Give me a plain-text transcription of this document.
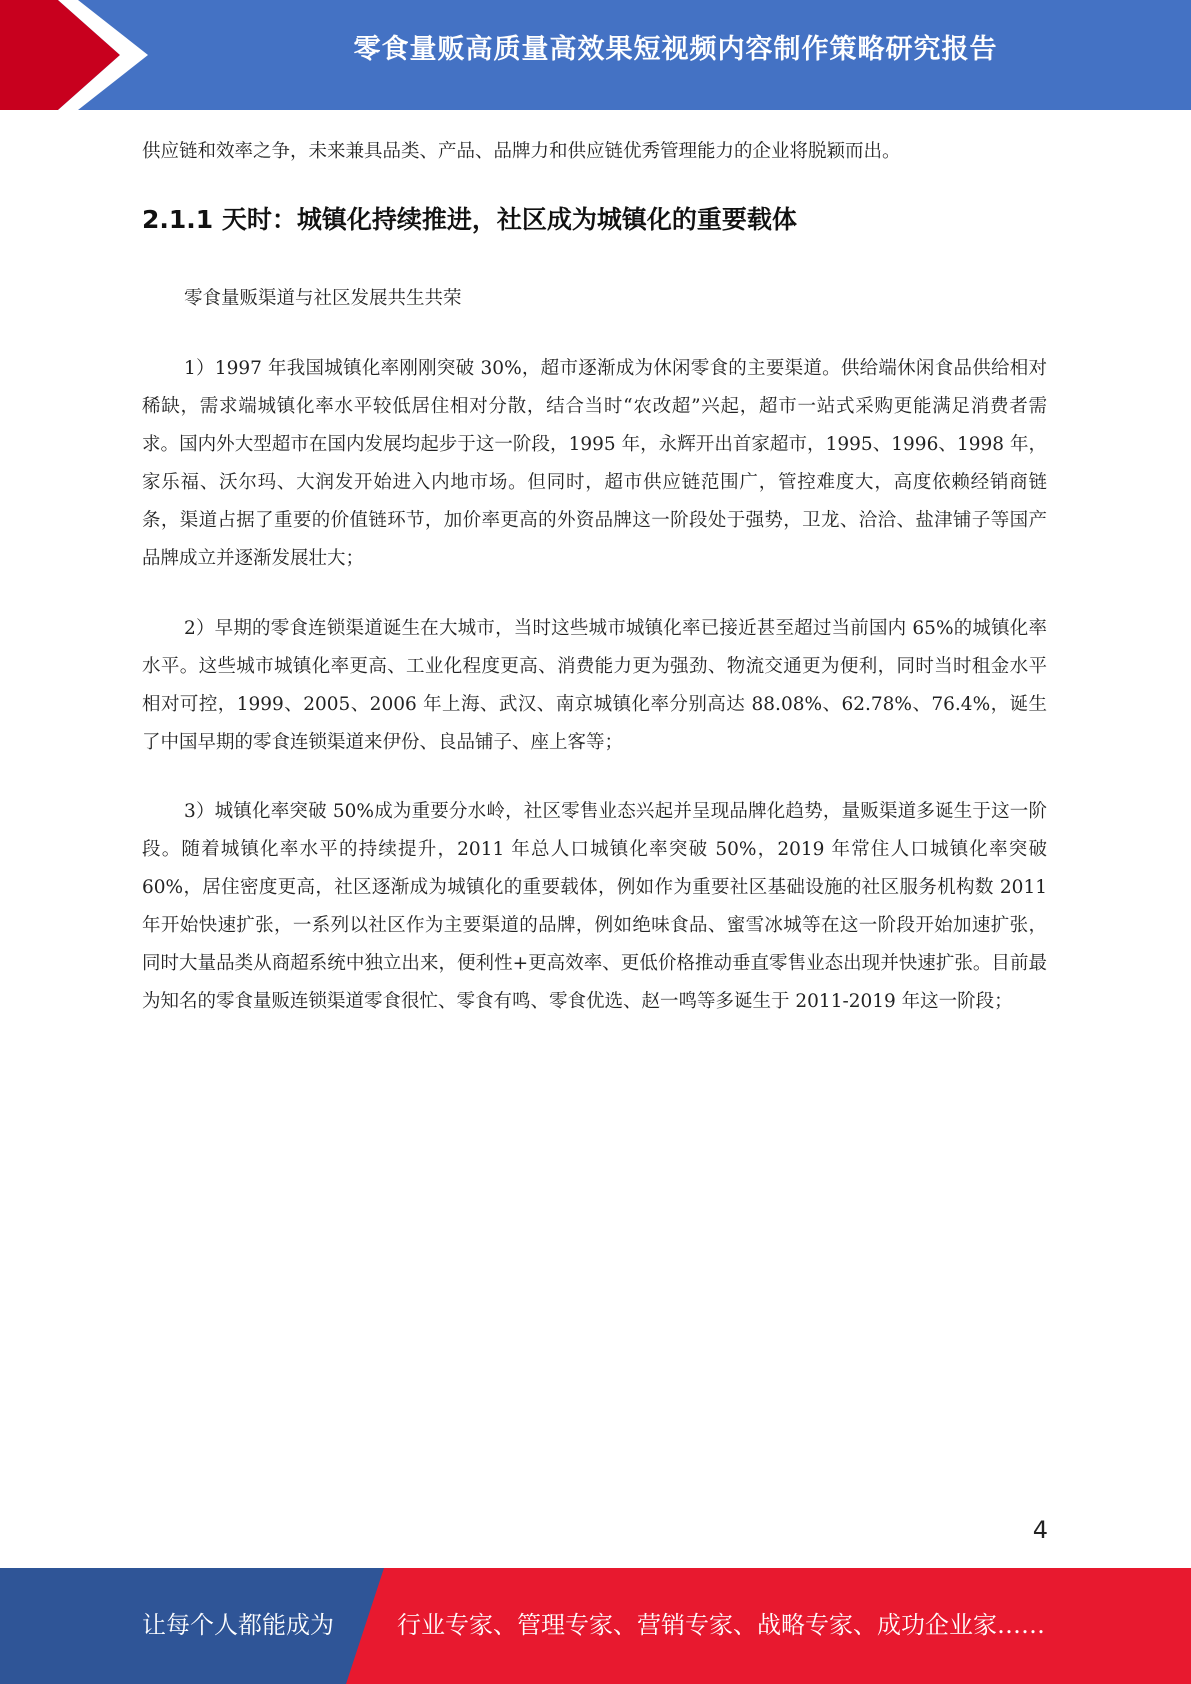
零食量贩高质量高效果短视频内容制作策略研究报告

供应链和效率之争，未来兼具品类、产品、品牌力和供应链优秀管理能力的企业将脱颖而出。

2.1.1 天时：城镇化持续推进，社区成为城镇化的重要载体

零食量贩渠道与社区发展共生共荣

1）1997 年我国城镇化率刚刚突破 30%，超市逐渐成为休闲零食的主要渠道。供给端休闲食品供给相对稀缺，需求端城镇化率水平较低居住相对分散，结合当时“农改超”兴起，超市一站式采购更能满足消费者需求。国内外大型超市在国内发展均起步于这一阶段，1995 年，永辉开出首家超市，1995、1996、1998 年，家乐福、沃尔玛、大润发开始进入内地市场。但同时，超市供应链范围广，管控难度大，高度依赖经销商链条，渠道占据了重要的价值链环节，加价率更高的外资品牌这一阶段处于强势，卫龙、洽洽、盐津铺子等国产品牌成立并逐渐发展壮大；

2）早期的零食连锁渠道诞生在大城市，当时这些城市城镇化率已接近甚至超过当前国内 65%的城镇化率水平。这些城市城镇化率更高、工业化程度更高、消费能力更为强劲、物流交通更为便利，同时当时租金水平相对可控，1999、2005、2006 年上海、武汉、南京城镇化率分别高达 88.08%、62.78%、76.4%，诞生了中国早期的零食连锁渠道来伊份、良品铺子、座上客等；

3）城镇化率突破 50%成为重要分水岭，社区零售业态兴起并呈现品牌化趋势，量贩渠道多诞生于这一阶段。随着城镇化率水平的持续提升，2011 年总人口城镇化率突破 50%，2019 年常住人口城镇化率突破 60%，居住密度更高，社区逐渐成为城镇化的重要载体，例如作为重要社区基础设施的社区服务机构数 2011 年开始快速扩张，一系列以社区作为主要渠道的品牌，例如绝味食品、蜜雪冰城等在这一阶段开始加速扩张，同时大量品类从商超系统中独立出来，便利性+更高效率、更低价格推动垂直零售业态出现并快速扩张。目前最为知名的零食量贩连锁渠道零食很忙、零食有鸣、零食优选、赵一鸣等多诞生于 2011-2019 年这一阶段；

4
让每个人都能成为	行业专家、管理专家、营销专家、战略专家、成功企业家……
